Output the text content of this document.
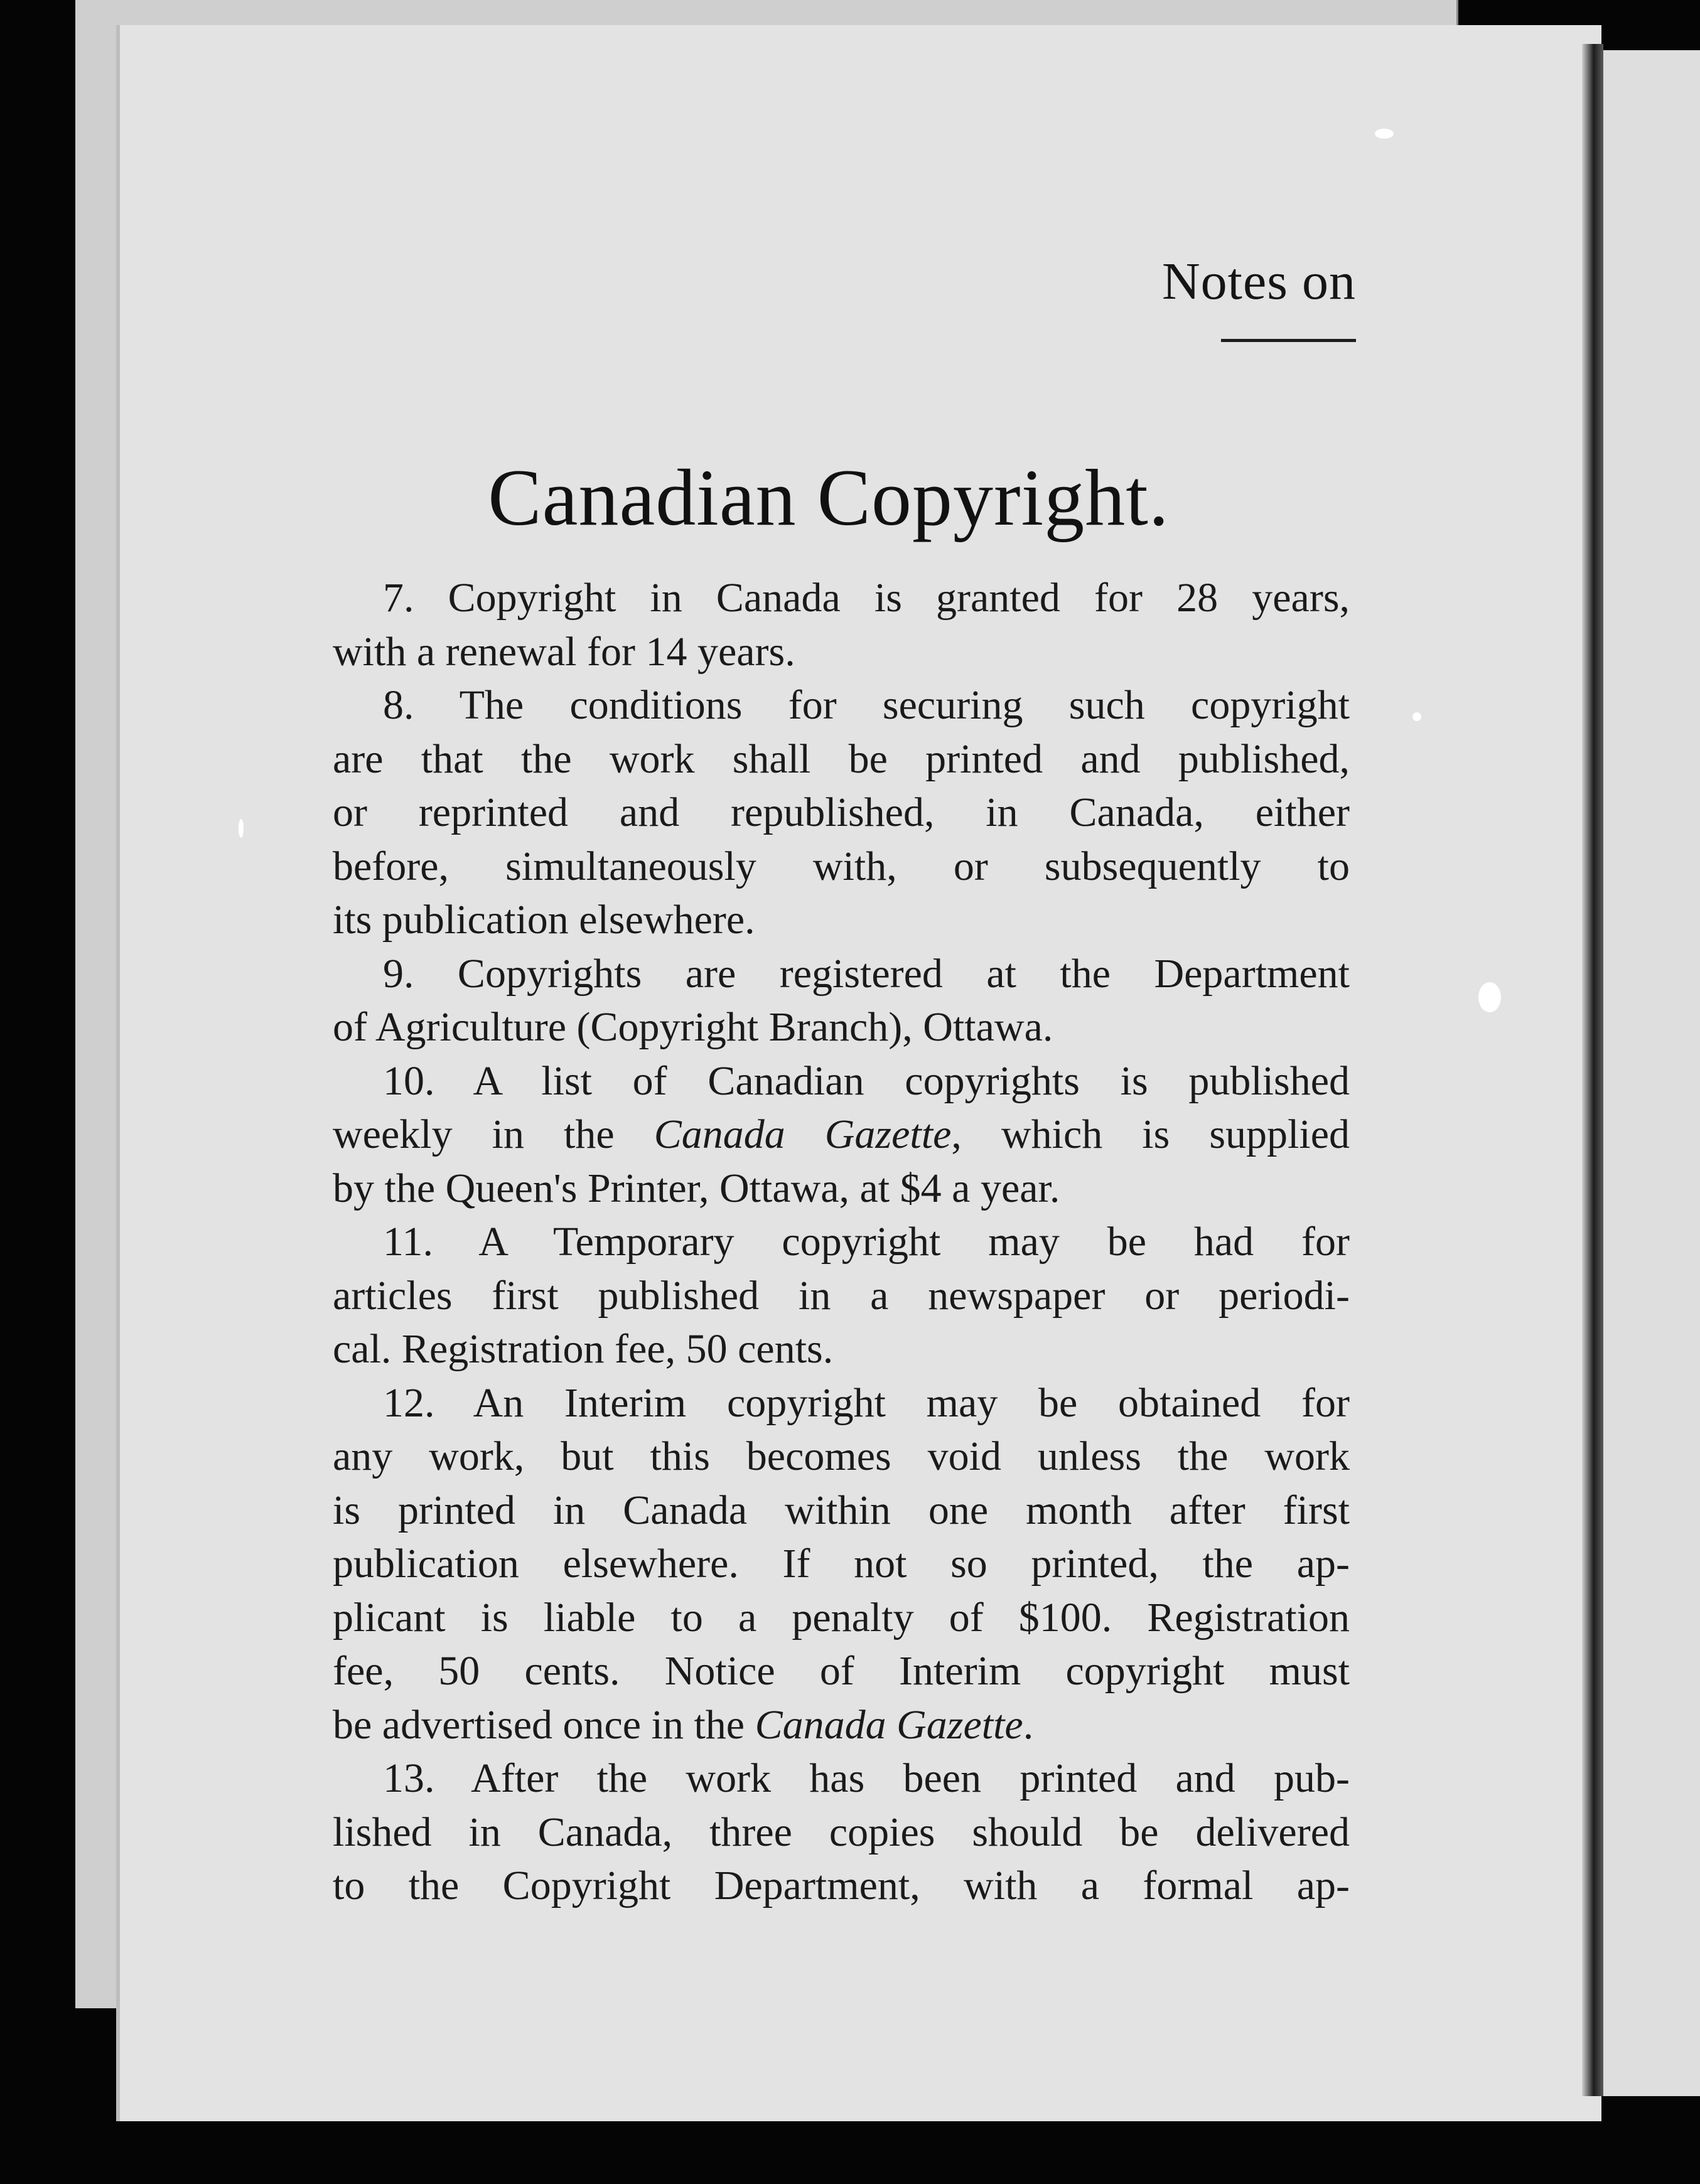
Notes on
Canadian Copyright.
7. Copyright in Canada is granted for 28 years,
with a renewal for 14 years.
8. The conditions for securing such copyright
are that the work shall be printed and published,
or reprinted and republished, in Canada, either
before, simultaneously with, or subsequently to
its publication elsewhere.
9. Copyrights are registered at the Department
of Agriculture (Copyright Branch), Ottawa.
10. A list of Canadian copyrights is published
weekly in the Canada Gazette, which is supplied
by the Queen's Printer, Ottawa, at $4 a year.
11. A Temporary copyright may be had for
articles first published in a newspaper or periodi-
cal. Registration fee, 50 cents.
12. An Interim copyright may be obtained for
any work, but this becomes void unless the work
is printed in Canada within one month after first
publication elsewhere. If not so printed, the ap-
plicant is liable to a penalty of $100. Registration
fee, 50 cents. Notice of Interim copyright must
be advertised once in the Canada Gazette.
13. After the work has been printed and pub-
lished in Canada, three copies should be delivered
to the Copyright Department, with a formal ap-
